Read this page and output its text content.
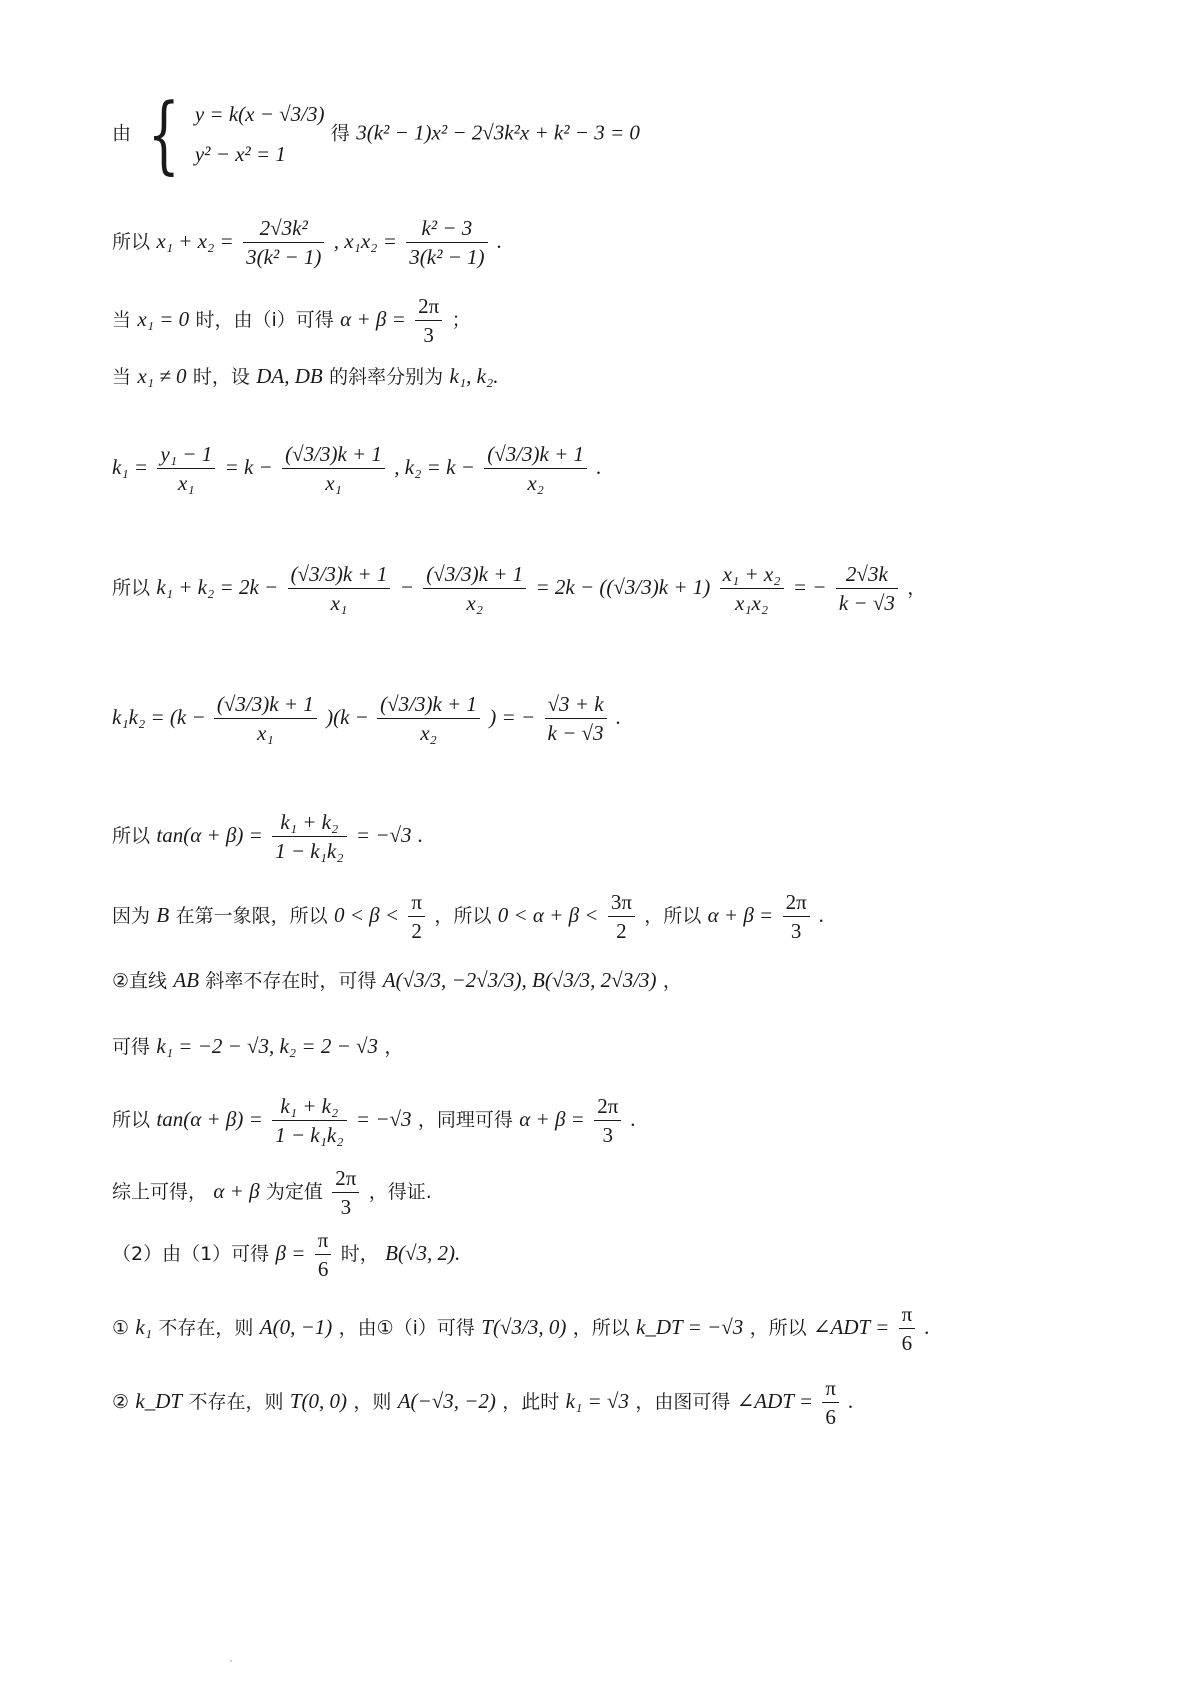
由 { y = k(x − √3/3)
y² − x² = 1
得 3(k² − 1)x² − 2√3k²x + k² − 3 = 0
所以 $x_1 + x_2 = \frac{\text{2√3k²}}{\text{3(k² − 1)}}$ , $x_1x_2 = \frac{\text{k² − 3}}{\text{3(k² − 1)}}$ .
当 x₁ = 0 时，由（i）可得 $\alpha + \beta = \frac{2\pi}{3}$ ；
当 x₁ ≠ 0 时，设 DA, DB 的斜率分别为 k₁, k₂.
$k_1 = \frac{\text{y₁ − 1}}{\text{x₁}} = k - \frac{(√3/3)k + 1}{\text{x₁}}$ , $k_2 = k - \frac{(√3/3)k + 1}{\text{x₂}}$ .
所以 $k_1 + k_2 = 2k - \frac{(√3/3)k + 1}{\text{x₁}} - \frac{(√3/3)k + 1}{\text{x₂}} = 2k - ((√3/3)k + 1) \frac{\text{x₁ + x₂}}{\text{x₁x₂}}$ = − $\frac{2√3k}{k - √3}$ ，
$k_1k_2 = (k - \frac{(√3/3)k + 1}{\text{x₁}} )(k - \frac{(√3/3)k + 1}{\text{x₂}}$ ) = − $\frac{√3 + k}{k - √3}$ .
所以 $\tan(\alpha + \beta) = \frac{\text{k₁ + k₂}}{\text{1 − k₁k₂}} = -√3$ .
因为 B 在第一象限，所以 $0 < \beta < \frac{\pi}{2}$ ，所以 $0 < \alpha + \beta < \frac{3\pi}{2}$ ，所以 $\alpha + \beta = \frac{2\pi}{3}$ .
②直线 AB 斜率不存在时，可得 A(√3/3, −2√3/3), B(√3/3, 2√3/3) ，
可得 k₁ = −2 − √3, k₂ = 2 − √3 ，
所以 $\tan(\alpha + \beta) = \frac{\text{k₁ + k₂}}{\text{1 − k₁k₂}} = -√3$ ，同理可得 $\alpha + \beta = \frac{2\pi}{3}$ .
综上可得， α + β 为定值 $\frac{2\pi}{3}$ ，得证.
（2）由（1）可得 $\beta = \frac{\pi}{6}$ 时， B(√3, 2).
① k₁ 不存在，则 A(0, −1) ，由①（i）可得 T(√3/3, 0) ，所以 k_DT = −√3 ，所以 ∠ADT = $\frac{\pi}{6}$ .
② k_DT 不存在，则 T(0, 0) ，则 A(−√3, −2) ，此时 k₁ = √3 ，由图可得 ∠ADT = $\frac{\pi}{6}$ .
